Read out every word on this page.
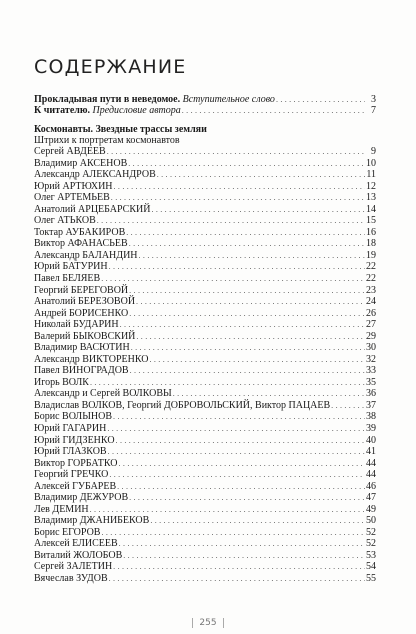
СОДЕРЖАНИЕ
Прокладывая пути в неведомое. Вступительное слово . . .	3
К читателю. Предисловие автора . . .	7
Космонавты. Звездные трассы земляи
Штрихи к портретам космонавтов
Сергей АВДЕЕВ . . .	9
Владимир АКСЕНОВ . . .	10
Александр АЛЕКСАНДРОВ . . .	11
Юрий АРТЮХИН . . .	12
Олег АРТЕМЬЕВ . . .	13
Анатолий АРЦЕБАРСКИЙ . . .	14
Олег АТЬКОВ . . .	15
Токтар АУБАКИРОВ . . .	16
Виктор АФАНАСЬЕВ . . .	18
Александр БАЛАНДИН . . .	19
Юрий БАТУРИН . . .	22
Павел БЕЛЯЕВ . . .	22
Георгий БЕРЕГОВОЙ . . .	23
Анатолий БЕРЕЗОВОЙ . . .	24
Андрей БОРИСЕНКО . . .	26
Николай БУДАРИН . . .	27
Валерий БЫКОВСКИЙ . . .	29
Владимир ВАСЮТИН . . .	30
Александр ВИКТОРЕНКО . . .	32
Павел ВИНОГРАДОВ . . .	33
Игорь ВОЛК . . .	35
Александр и Сергей ВОЛКОВЫ . . .	36
Владислав ВОЛКОВ, Георгий ДОБРОВОЛЬСКИЙ, Виктор ПАЦАЕВ . . .	37
Борис ВОЛЫНОВ . . .	38
Юрий ГАГАРИН . . .	39
Юрий ГИДЗЕНКО . . .	40
Юрий ГЛАЗКОВ . . .	41
Виктор ГОРБАТКО . . .	44
Георгий ГРЕЧКО . . .	44
Алексей ГУБАРЕВ . . .	46
Владимир ДЕЖУРОВ . . .	47
Лев ДЕМИН . . .	49
Владимир ДЖАНИБЕКОВ . . .	50
Борис ЕГОРОВ . . .	52
Алексей ЕЛИСЕЕВ . . .	52
Виталий ЖОЛОБОВ . . .	53
Сергей ЗАЛЕТИН . . .	54
Вячеслав ЗУДОВ . . .	55
255
